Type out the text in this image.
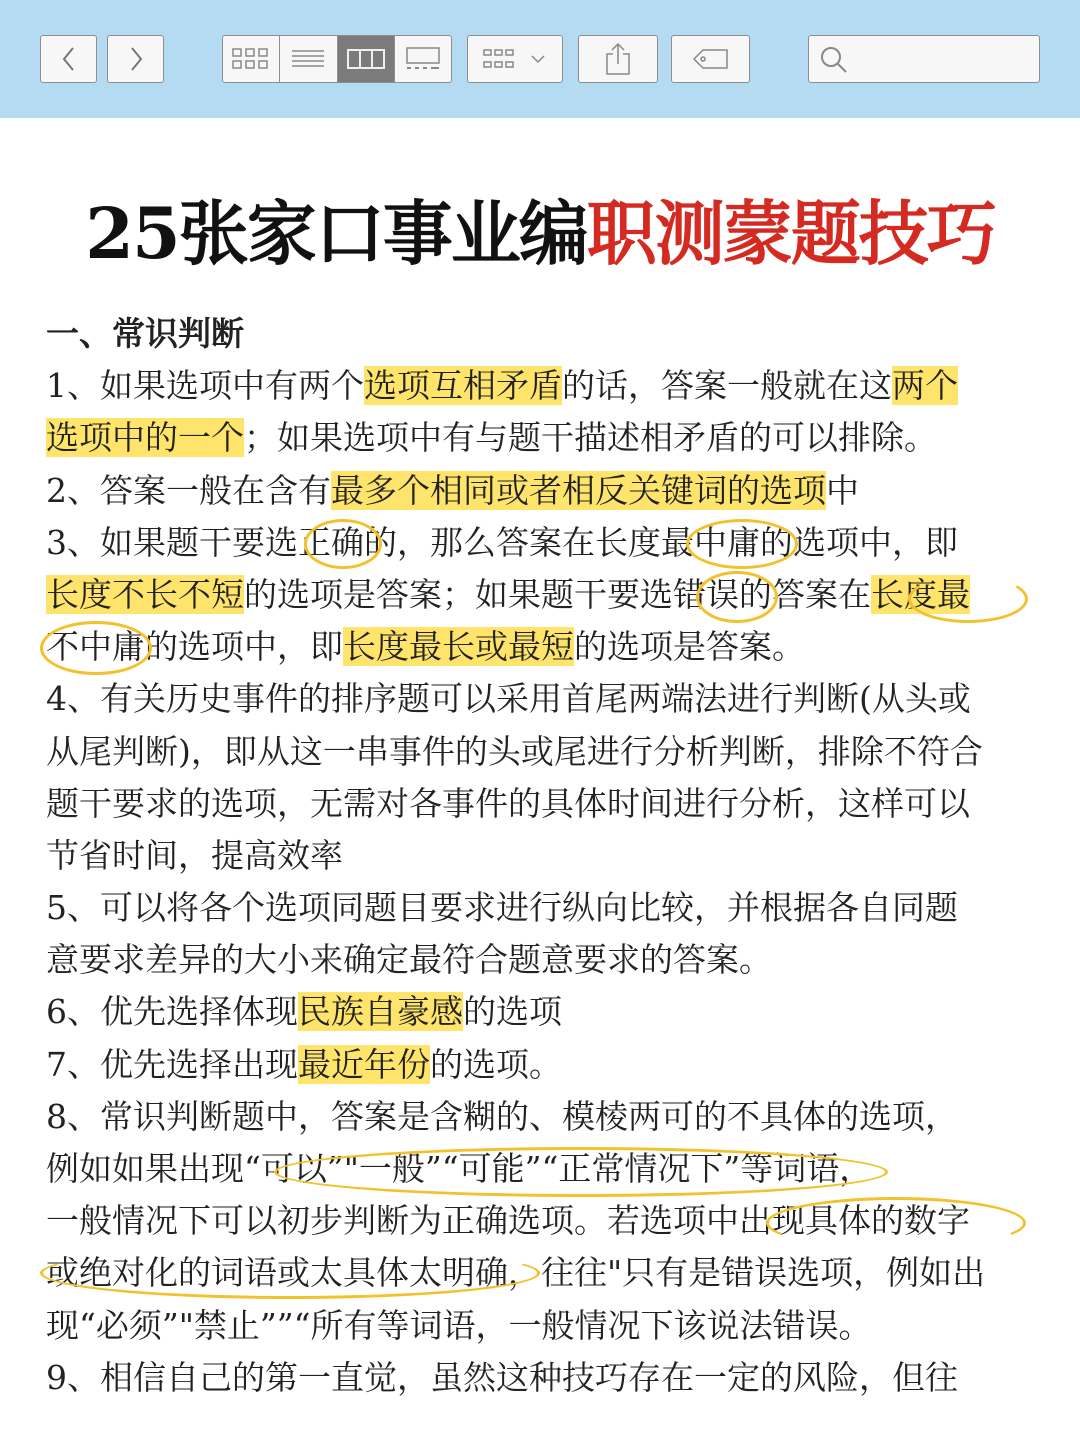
25张家口事业编职测蒙题技巧
一、常识判断
1、如果选项中有两个选项互相矛盾的话，答案一般就在这两个
选项中的一个；如果选项中有与题干描述相矛盾的可以排除。
2、答案一般在含有最多个相同或者相反关键词的选项中
3、如果题干要选正确的，那么答案在长度最中庸的选项中，即
长度不长不短的选项是答案；如果题干要选错误的答案在长度最
不中庸的选项中，即长度最长或最短的选项是答案。
4、有关历史事件的排序题可以采用首尾两端法进行判断(从头或
从尾判断)，即从这一串事件的头或尾进行分析判断，排除不符合
题干要求的选项，无需对各事件的具体时间进行分析，这样可以
节省时间，提高效率
5、可以将各个选项同题目要求进行纵向比较，并根据各自同题
意要求差异的大小来确定最符合题意要求的答案。
6、优先选择体现民族自豪感的选项
7、优先选择出现最近年份的选项。
8、常识判断题中，答案是含糊的、模棱两可的不具体的选项，
例如如果出现“可以”"一般”“可能”“正常情况下”等词语，
一般情况下可以初步判断为正确选项。若选项中出现具体的数字
或绝对化的词语或太具体太明确，往往"只有是错误选项，例如出
现“必须”"禁止””“所有等词语，一般情况下该说法错误。
9、相信自己的第一直觉，虽然这种技巧存在一定的风险，但往
